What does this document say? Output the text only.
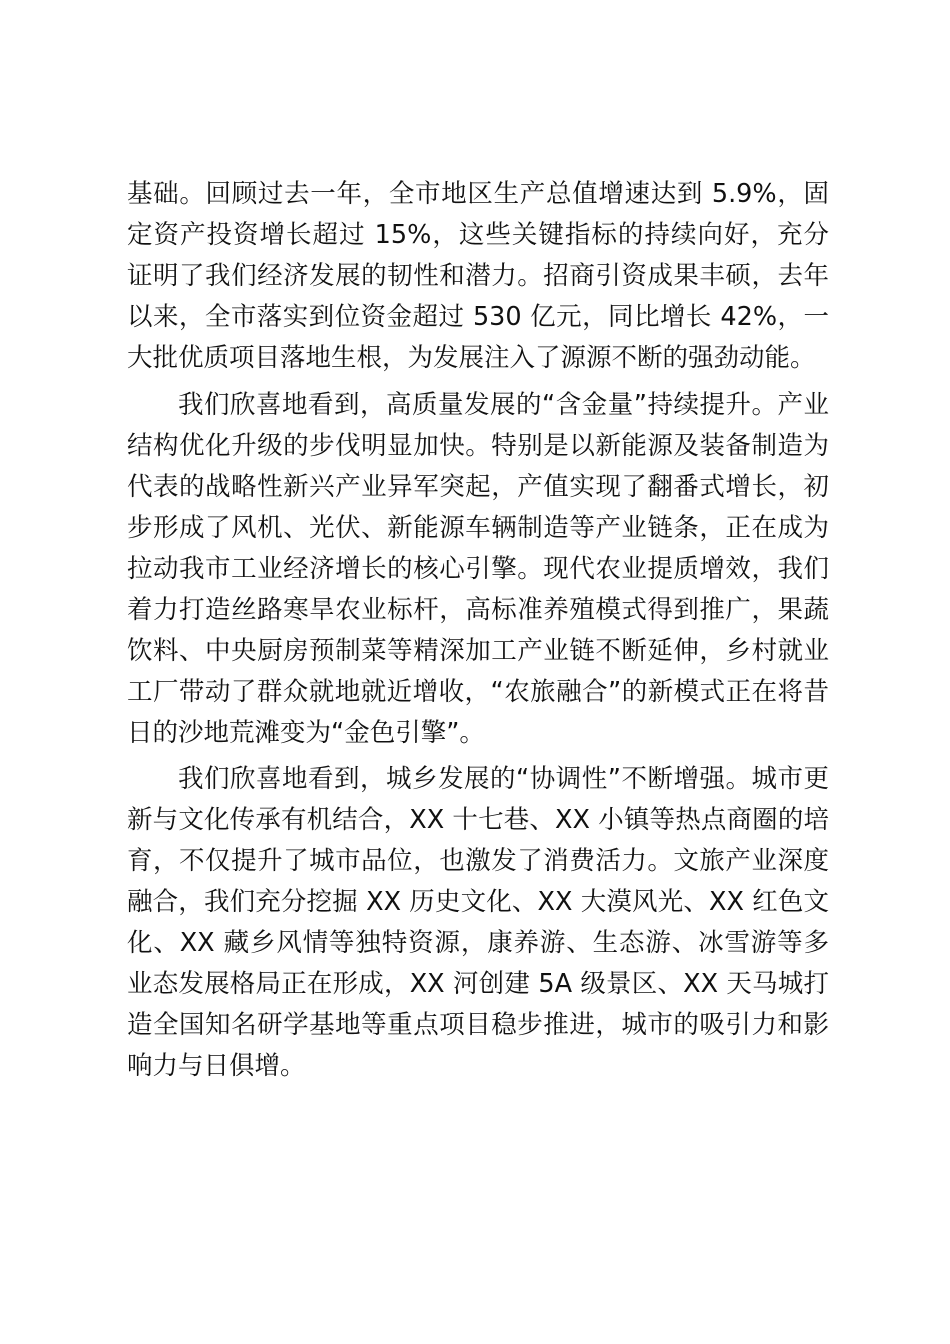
基础。回顾过去一年，全市地区生产总值增速达到 5.9%，固定资产投资增长超过 15%，这些关键指标的持续向好，充分证明了我们经济发展的韧性和潜力。招商引资成果丰硕，去年以来，全市落实到位资金超过 530 亿元，同比增长 42%，一大批优质项目落地生根，为发展注入了源源不断的强劲动能。

我们欣喜地看到，高质量发展的“含金量”持续提升。产业结构优化升级的步伐明显加快。特别是以新能源及装备制造为代表的战略性新兴产业异军突起，产值实现了翻番式增长，初步形成了风机、光伏、新能源车辆制造等产业链条，正在成为拉动我市工业经济增长的核心引擎。现代农业提质增效，我们着力打造丝路寒旱农业标杆，高标准养殖模式得到推广，果蔬饮料、中央厨房预制菜等精深加工产业链不断延伸，乡村就业工厂带动了群众就地就近增收，“农旅融合”的新模式正在将昔日的沙地荒滩变为“金色引擎”。

我们欣喜地看到，城乡发展的“协调性”不断增强。城市更新与文化传承有机结合，XX 十七巷、XX 小镇等热点商圈的培育，不仅提升了城市品位，也激发了消费活力。文旅产业深度融合，我们充分挖掘 XX 历史文化、XX 大漠风光、XX 红色文化、XX 藏乡风情等独特资源，康养游、生态游、冰雪游等多业态发展格局正在形成，XX 河创建 5A 级景区、XX 天马城打造全国知名研学基地等重点项目稳步推进，城市的吸引力和影响力与日俱增。
